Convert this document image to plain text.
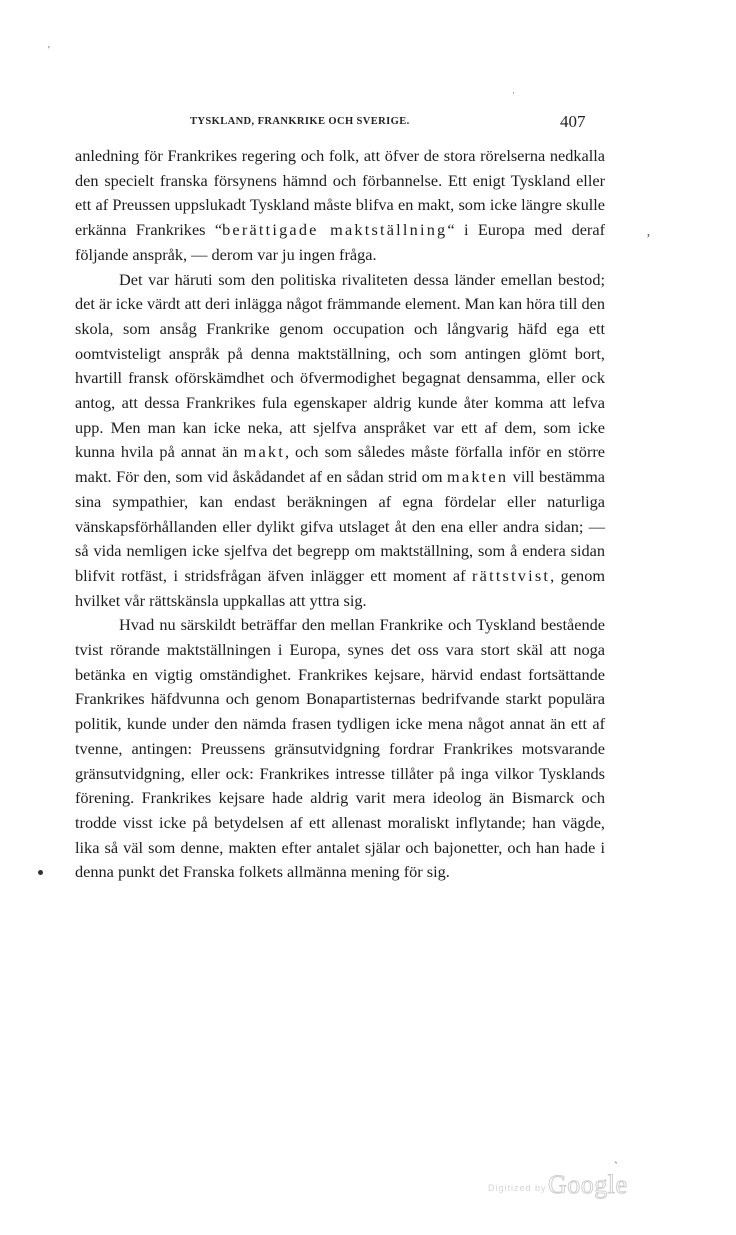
'
·
ʼ
ˎ
TYSKLAND, FRANKRIKE OCH SVERIGE.	407

anledning för Frankrikes regering och folk, att öfver de stora rörelserna nedkalla den specielt franska försynens hämnd och förbannelse. Ett enigt Tyskland eller ett af Preussen uppslukadt Tyskland måste blifva en makt, som icke längre skulle erkänna Frankrikes “berättigade maktställning“ i Europa med deraf följande anspråk, — derom var ju ingen fråga.

Det var häruti som den politiska rivaliteten dessa länder emellan bestod; det är icke värdt att deri inlägga något främmande element. Man kan höra till den skola, som ansåg Frankrike genom occupation och långvarig häfd ega ett oomtvisteligt anspråk på denna maktställning, och som antingen glömt bort, hvartill fransk oförskämdhet och öfvermodighet begagnat densamma, eller ock antog, att dessa Frankrikes fula egenskaper aldrig kunde åter komma att lefva upp. Men man kan icke neka, att sjelfva anspråket var ett af dem, som icke kunna hvila på annat än makt, och som således måste förfalla inför en större makt. För den, som vid åskådandet af en sådan strid om makten vill bestämma sina sympathier, kan endast beräkningen af egna fördelar eller naturliga vänskapsförhållanden eller dylikt gifva utslaget åt den ena eller andra sidan; — så vida nemligen icke sjelfva det begrepp om maktställning, som å endera sidan blifvit rotfäst, i stridsfrågan äfven inlägger ett moment af rättstvist, genom hvilket vår rättskänsla uppkallas att yttra sig.

Hvad nu särskildt beträffar den mellan Frankrike och Tyskland bestående tvist rörande maktställningen i Europa, synes det oss vara stort skäl att noga betänka en vigtig omständighet. Frankrikes kejsare, härvid endast fortsättande Frankrikes häfdvunna och genom Bonapartisternas bedrifvande starkt populära politik, kunde under den nämda frasen tydligen icke mena något annat än ett af tvenne, antingen: Preussens gränsutvidgning fordrar Frankrikes motsvarande gränsutvidgning, eller ock: Frankrikes intresse tillåter på inga vilkor Tysklands förening. Frankrikes kejsare hade aldrig varit mera ideolog än Bismarck och trodde visst icke på betydelsen af ett allenast moraliskt inflytande; han vägde, lika så väl som denne, makten efter antalet själar och bajonetter, och han hade i denna punkt det Franska folkets allmänna mening för sig.

Digitized by Google
